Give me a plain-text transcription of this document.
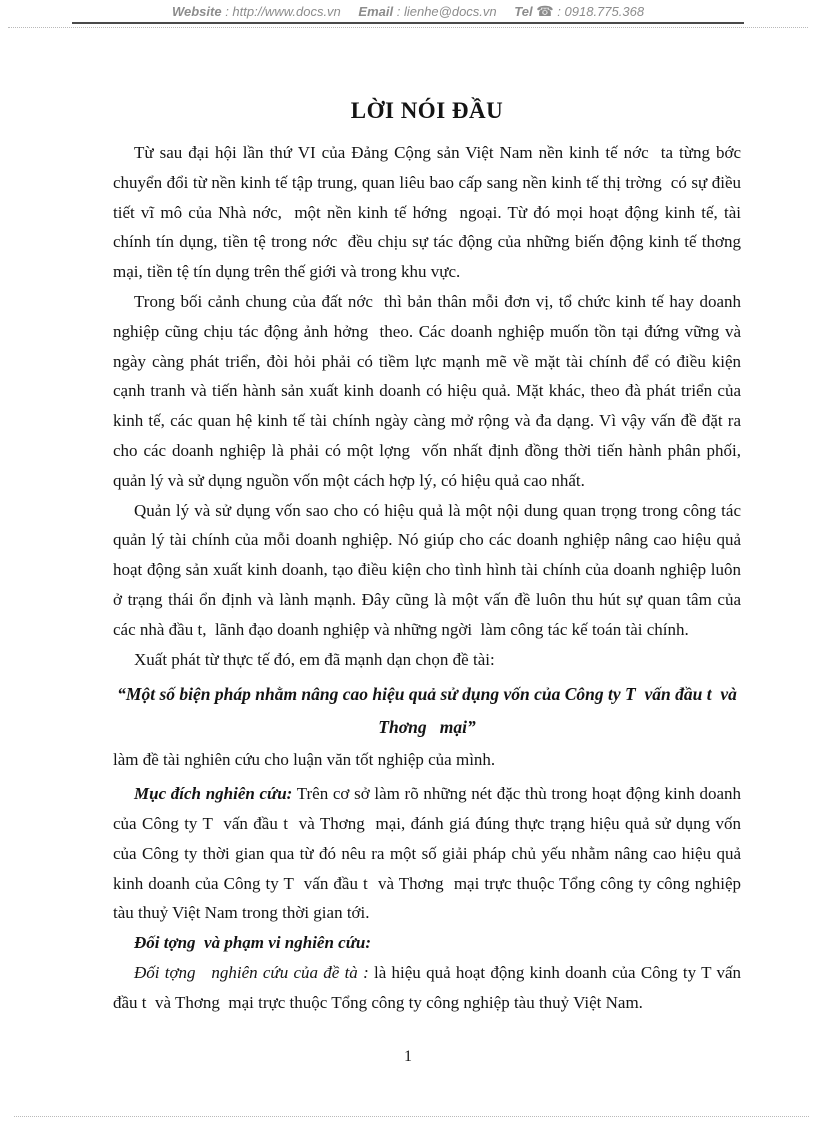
Website : http://www.docs.vn Email : lienhe@docs.vn Tel ☎ : 0918.775.368
LỜI NÓI ĐẦU

Từ sau đại hội lần thứ VI của Đảng Cộng sản Việt Nam nền kinh tế nớc  ta từng bớc  chuyển đổi từ nền kinh tế tập trung, quan liêu bao cấp sang nền kinh tế thị trờng  có sự điều tiết vĩ mô của Nhà nớc,  một nền kinh tế hớng  ngoại. Từ đó mọi hoạt động kinh tế, tài chính tín dụng, tiền tệ trong nớc  đều chịu sự tác động của những biến động kinh tế thơng  mại, tiền tệ tín dụng trên thế giới và trong khu vực.

Trong bối cảnh chung của đất nớc  thì bản thân mỗi đơn vị, tổ chức kinh tế hay doanh nghiệp cũng chịu tác động ảnh hởng  theo. Các doanh nghiệp muốn tồn tại đứng vững và ngày càng phát triển, đòi hỏi phải có tiềm lực mạnh mẽ về mặt tài chính để có điều kiện cạnh tranh và tiến hành sản xuất kinh doanh có hiệu quả. Mặt khác, theo đà phát triển của kinh tế, các quan hệ kinh tế tài chính ngày càng mở rộng và đa dạng. Vì vậy vấn đề đặt ra cho các doanh nghiệp là phải có một lợng  vốn nhất định đồng thời tiến hành phân phối, quản lý và sử dụng nguồn vốn một cách hợp lý, có hiệu quả cao nhất.

Quản lý và sử dụng vốn sao cho có hiệu quả là một nội dung quan trọng trong công tác quản lý tài chính của mỗi doanh nghiệp. Nó giúp cho các doanh nghiệp nâng cao hiệu quả hoạt động sản xuất kinh doanh, tạo điều kiện cho tình hình tài chính của doanh nghiệp luôn ở trạng thái ổn định và lành mạnh. Đây cũng là một vấn đề luôn thu hút sự quan tâm của các nhà đầu t,  lãnh đạo doanh nghiệp và những ngời  làm công tác kế toán tài chính.

Xuất phát từ thực tế đó, em đã mạnh dạn chọn đề tài:

“Một số biện pháp nhằm nâng cao hiệu quả sử dụng vốn của Công ty T  vấn đầu t  và Thơng   mại”

làm đề tài nghiên cứu cho luận văn tốt nghiệp của mình.

Mục đích nghiên cứu: Trên cơ sở làm rõ những nét đặc thù trong hoạt động kinh doanh của Công ty T  vấn đầu t  và Thơng  mại, đánh giá đúng thực trạng hiệu quả sử dụng vốn của Công ty thời gian qua từ đó nêu ra một số giải pháp chủ yếu nhằm nâng cao hiệu quả kinh doanh của Công ty T  vấn đầu t  và Thơng  mại trực thuộc Tổng công ty công nghiệp tàu thuỷ Việt Nam trong thời gian tới.

Đối tợng  và phạm vi nghiên cứu:

Đối tợng   nghiên cứu của đề tà : là hiệu quả hoạt động kinh doanh của Công ty T vấn đầu t  và Thơng  mại trực thuộc Tổng công ty công nghiệp tàu thuỷ Việt Nam.

1
